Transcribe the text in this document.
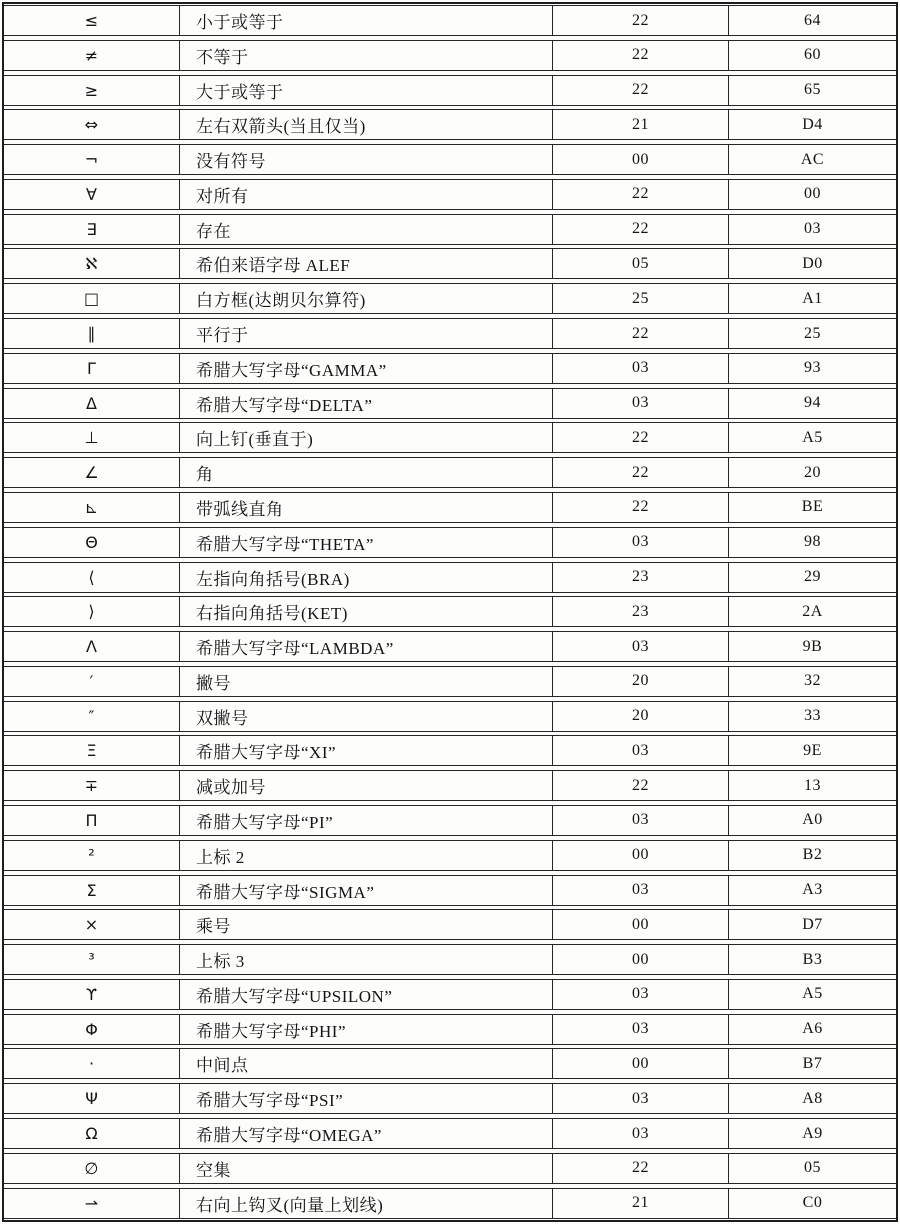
≤	小于或等于	22	64
≠	不等于	22	60
≥	大于或等于	22	65
⇔	左右双箭头(当且仅当)	21	D4
¬	没有符号	00	AC
∀	对所有	22	00
∃	存在	22	03
ℵ	希伯来语字母 ALEF	05	D0
□	白方框(达朗贝尔算符)	25	A1
∥	平行于	22	25
Γ	希腊大写字母“GAMMA”	03	93
Δ	希腊大写字母“DELTA”	03	94
⊥	向上钉(垂直于)	22	A5
∠	角	22	20
⊾	带弧线直角	22	BE
Θ	希腊大写字母“THETA”	03	98
⟨	左指向角括号(BRA)	23	29
⟩	右指向角括号(KET)	23	2A
Λ	希腊大写字母“LAMBDA”	03	9B
′	撇号	20	32
″	双撇号	20	33
Ξ	希腊大写字母“XI”	03	9E
∓	减或加号	22	13
Π	希腊大写字母“PI”	03	A0
²	上标 2	00	B2
Σ	希腊大写字母“SIGMA”	03	A3
×	乘号	00	D7
³	上标 3	00	B3
ϒ	希腊大写字母“UPSILON”	03	A5
Φ	希腊大写字母“PHI”	03	A6
·	中间点	00	B7
Ψ	希腊大写字母“PSI”	03	A8
Ω	希腊大写字母“OMEGA”	03	A9
∅	空集	22	05
⇀	右向上钩叉(向量上划线)	21	C0
